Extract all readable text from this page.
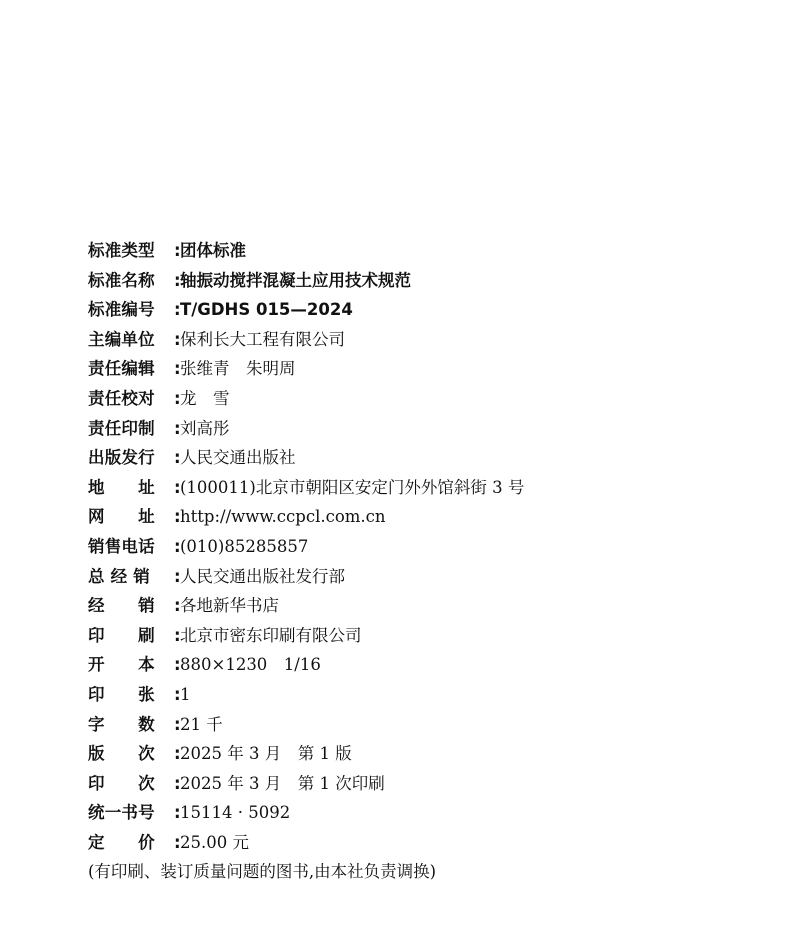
标准类型	: 团体标准
标准名称	: 轴振动搅拌混凝土应用技术规范
标准编号	: T/GDHS 015—2024
主编单位	: 保利长大工程有限公司
责任编辑	: 张维青　朱明周
责任校对	: 龙　雪
责任印制	: 刘高彤
出版发行	: 人民交通出版社
地　　址	: (100011)北京市朝阳区安定门外外馆斜街 3 号
网　　址	: http://www.ccpcl.com.cn
销售电话	: (010)85285857
总 经 销	: 人民交通出版社发行部
经　　销	: 各地新华书店
印　　刷	: 北京市密东印刷有限公司
开　　本	: 880×1230　1/16
印　　张	: 1
字　　数	: 21 千
版　　次	: 2025 年 3 月　第 1 版
印　　次	: 2025 年 3 月　第 1 次印刷
统一书号	: 15114 · 5092
定　　价	: 25.00 元
(有印刷、装订质量问题的图书,由本社负责调换)
